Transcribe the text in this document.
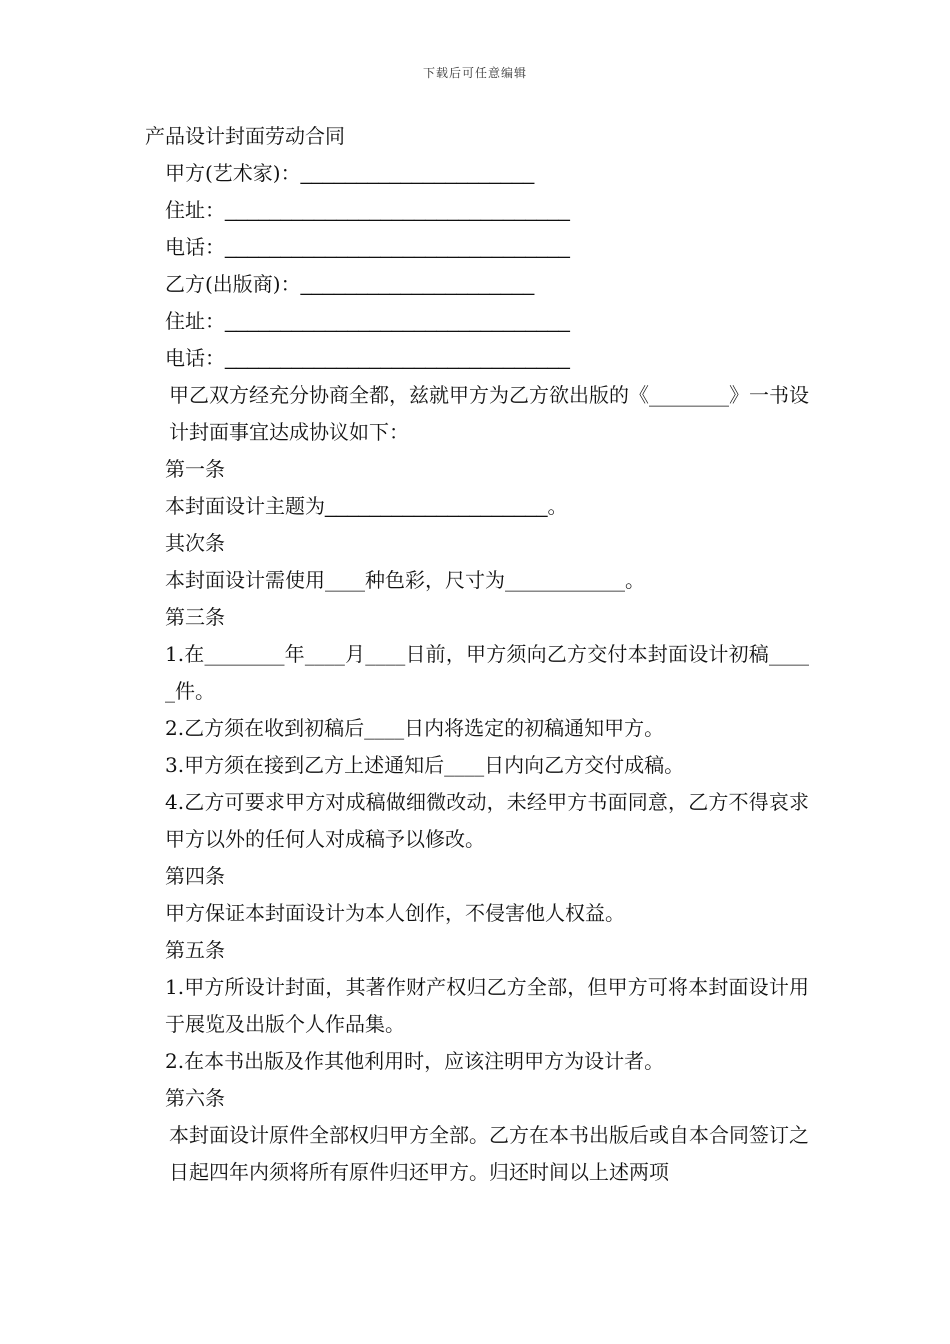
下载后可任意编辑
产品设计封面劳动合同
甲方(艺术家)：_____________________
住址：_______________________________
电话：_______________________________
乙方(出版商)：_____________________
住址：_______________________________
电话：_______________________________
甲乙双方经充分协商全都，兹就甲方为乙方欲出版的《________》一书设计封面事宜达成协议如下：
第一条
本封面设计主题为____________________。
其次条
本封面设计需使用____种色彩，尺寸为____________。
第三条
1.在________年____月____日前，甲方须向乙方交付本封面设计初稿_____件。
2.乙方须在收到初稿后____日内将选定的初稿通知甲方。
3.甲方须在接到乙方上述通知后____日内向乙方交付成稿。
4.乙方可要求甲方对成稿做细微改动，未经甲方书面同意，乙方不得哀求甲方以外的任何人对成稿予以修改。
第四条
甲方保证本封面设计为本人创作，不侵害他人权益。
第五条
1.甲方所设计封面，其著作财产权归乙方全部，但甲方可将本封面设计用于展览及出版个人作品集。
2.在本书出版及作其他利用时，应该注明甲方为设计者。
第六条
本封面设计原件全部权归甲方全部。乙方在本书出版后或自本合同签订之日起四年内须将所有原件归还甲方。归还时间以上述两项
